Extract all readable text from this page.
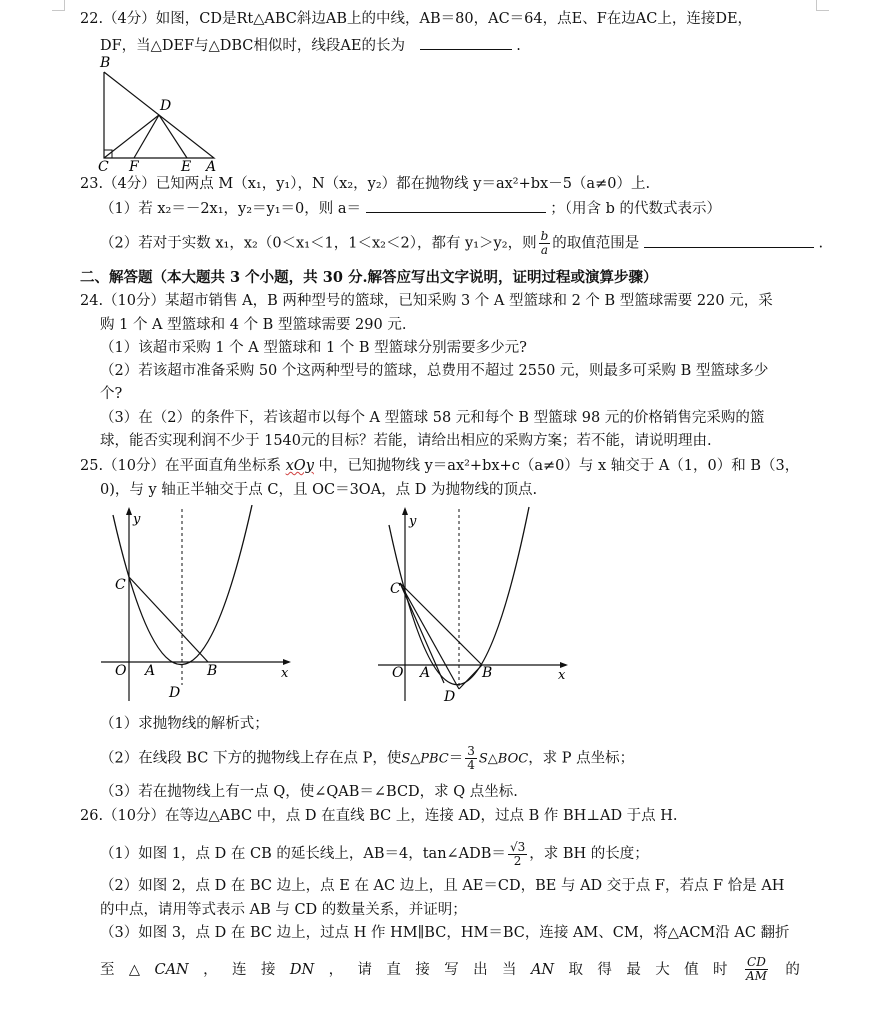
22.（4分）如图，CD是Rt△ABC斜边AB上的中线，AB＝80，AC＝64，点E、F在边AC上，连接DE，
DF，当△DEF与△DBC相似时，线段AE的长为	.
B
D
C F	E A
23.（4分）已知两点 M（x₁，y₁），N（x₂，y₂）都在抛物线 y＝ax²+bx－5（a≠0）上.
（1）若 x₂＝－2x₁，y₂＝y₁＝0，则 a＝	；（用含 b 的代数式表示）
（2）若对于实数 x₁，x₂（0＜x₁＜1，1＜x₂＜2），都有 y₁＞y₂，则 $\frac{b}{a}$ 的取值范围是	.
二、解答题（本大题共 3 个小题，共 30 分.解答应写出文字说明，证明过程或演算步骤）
24.（10分）某超市销售 A，B 两种型号的篮球，已知采购 3 个 A 型篮球和 2 个 B 型篮球需要 220 元，采
购 1 个 A 型篮球和 4 个 B 型篮球需要 290 元.
（1）该超市采购 1 个 A 型篮球和 1 个 B 型篮球分别需要多少元?
（2）若该超市准备采购 50 个这两种型号的篮球，总费用不超过 2550 元，则最多可采购 B 型篮球多少
个?
（3）在（2）的条件下，若该超市以每个 A 型篮球 58 元和每个 B 型篮球 98 元的价格销售完采购的篮
球，能否实现利润不少于 1540元的目标？若能，请给出相应的采购方案；若不能，请说明理由.
25.（10分）在平面直角坐标系 xOy 中，已知抛物线 y＝ax²+bx+c（a≠0）与 x 轴交于 A（1，0）和 B（3，
0)，与 y 轴正半轴交于点 C，且 OC＝3OA，点 D 为抛物线的顶点.
y
x
C
O A	B
D
y
x
C
O A	B
D
（1）求抛物线的解析式；
（2）在线段 BC 下方的抛物线上存在点 P，使S△PBC＝ $\frac{3}{4}$ S△BOC，求 P 点坐标；
（3）若在抛物线上有一点 Q，使∠QAB＝∠BCD，求 Q 点坐标.
26.（10分）在等边△ABC 中，点 D 在直线 BC 上，连接 AD，过点 B 作 BH⊥AD 于点 H.
（1）如图 1，点 D 在 CB 的延长线上，AB＝4，tan∠ADB＝ $\frac{√3}{2}$ ，求 BH 的长度；
（2）如图 2，点 D 在 BC 边上，点 E 在 AC 边上，且 AE＝CD，BE 与 AD 交于点 F，若点 F 恰是 AH
的中点，请用等式表示 AB 与 CD 的数量关系，并证明；
（3）如图 3，点 D 在 BC 边上，过点 H 作 HM∥BC，HM＝BC，连接 AM、CM，将△ACM沿 AC 翻折
至 △ CAN ， 连 接 DN ， 请 直 接 写 出 当 AN 取 得 最 大 值 时 $\frac{CD}{AM}$ 的
